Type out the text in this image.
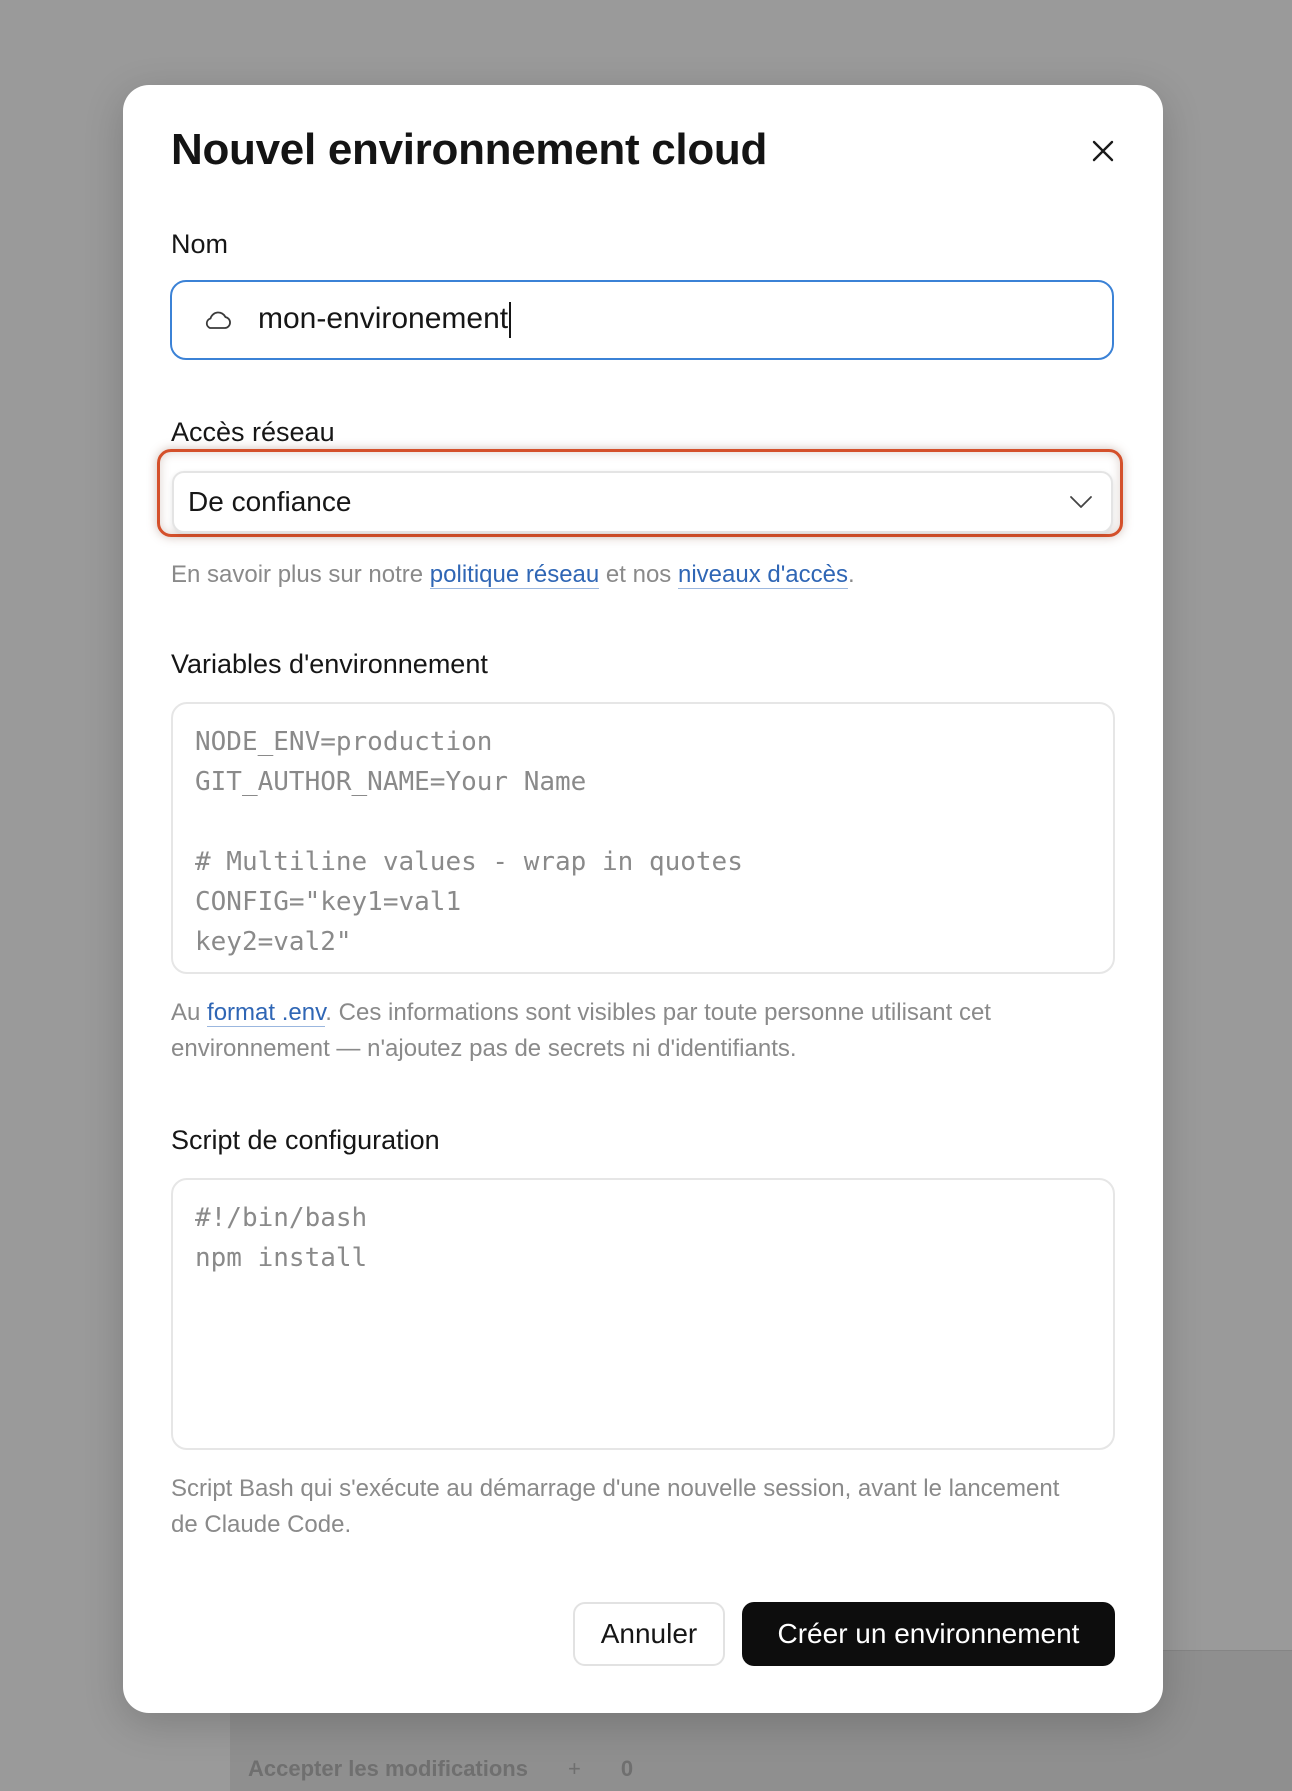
Accepter les modifications + 0
Nouvel environnement cloud
Nom
mon-environement
Accès réseau
De confiance
En savoir plus sur notre politique réseau et nos niveaux d'accès.
Variables d'environnement
NODE_ENV=production
GIT_AUTHOR_NAME=Your Name

# Multiline values - wrap in quotes
CONFIG="key1=val1
key2=val2"
Au format .env. Ces informations sont visibles par toute personne utilisant cet environnement — n'ajoutez pas de secrets ni d'identifiants.
Script de configuration
#!/bin/bash
npm install
Script Bash qui s'exécute au démarrage d'une nouvelle session, avant le lancement de Claude Code.
Annuler	Créer un environnement
